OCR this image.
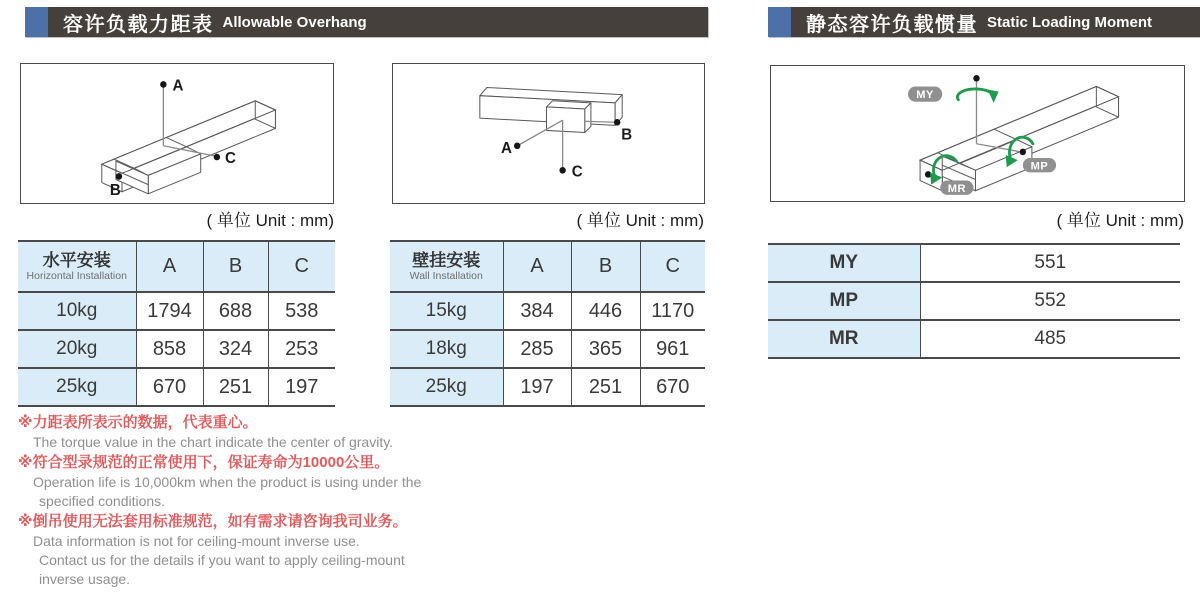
容许负载力距表 Allowable Overhang	静态容许负载惯量 Static Loading Moment
A
C
B
A
C
B
MY
MP
MR
( 单位 Unit : mm)	( 单位 Unit : mm)	( 单位 Unit : mm)
水平安装
Horizontal Installation	A	B	C
10kg	1794	688	538
20kg	858	324	253
25kg	670	251	197
壁挂安装
Wall Installation	A	B	C
15kg	384	446	1170
18kg	285	365	961
25kg	197	251	670
MY	551
MP	552
MR	485
※力距表所表示的数据，代表重心。
The torque value in the chart indicate the center of gravity.
※符合型录规范的正常使用下，保证寿命为10000公里。
Operation life is 10,000km when the product is using under the
specified conditions.
※倒吊使用无法套用标准规范，如有需求请咨询我司业务。
Data information is not for ceiling-mount inverse use.
Contact us for the details if you want to apply ceiling-mount
inverse usage.
